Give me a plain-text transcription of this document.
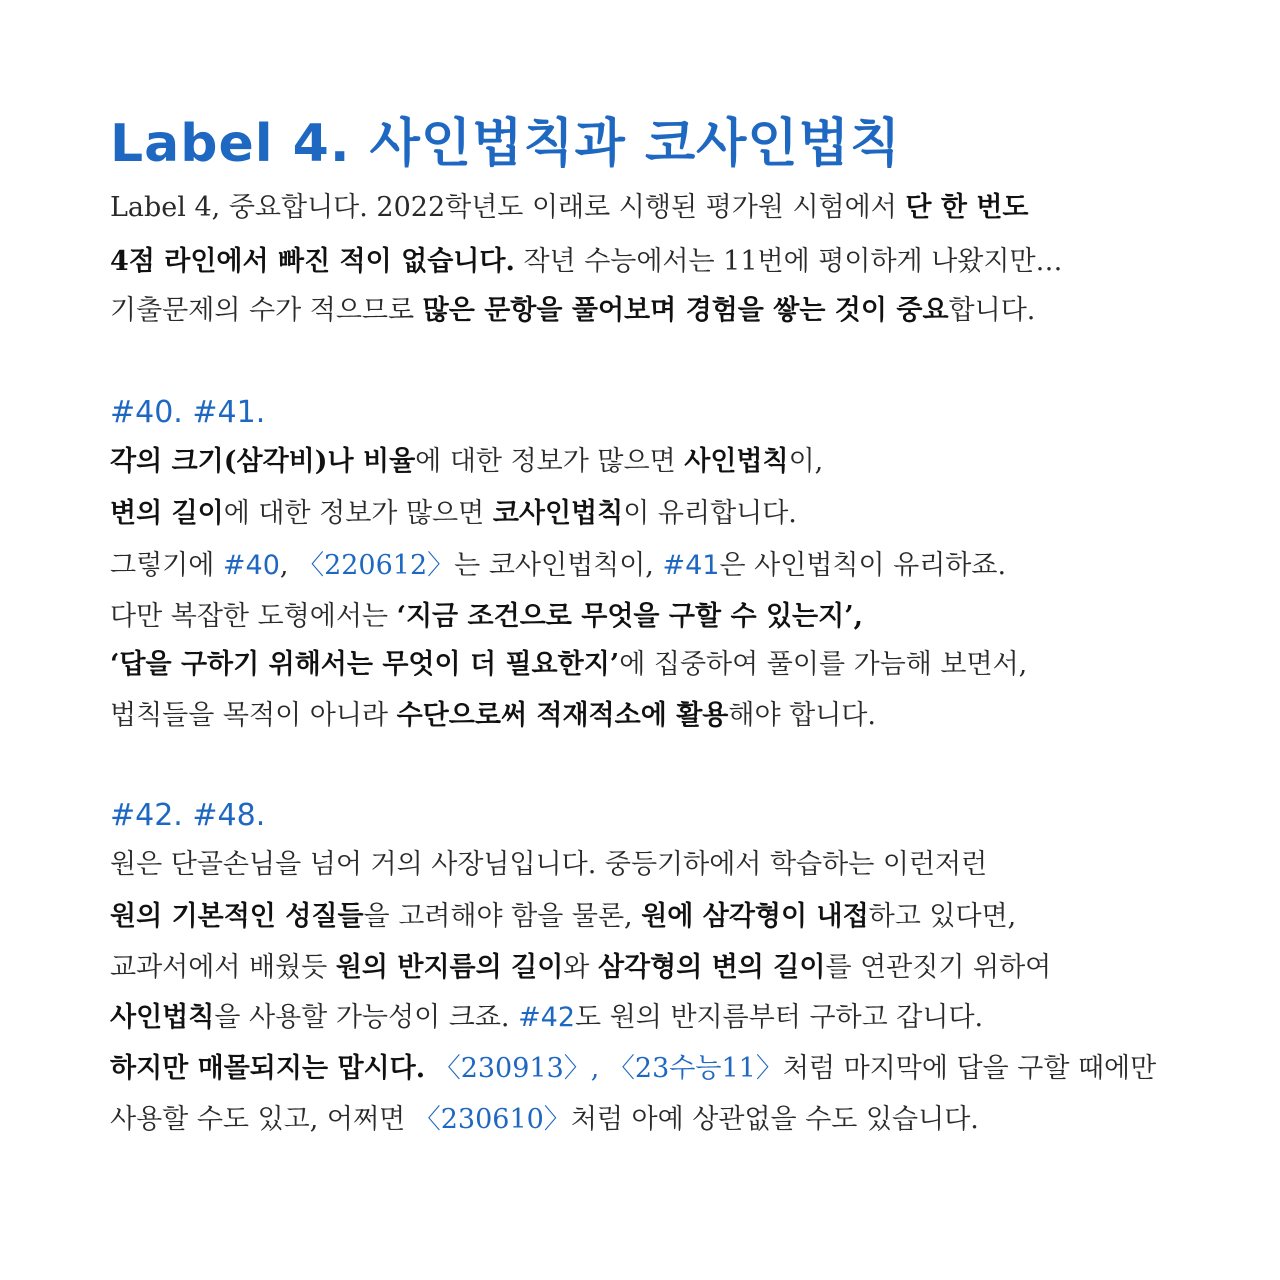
Label 4. 사인법칙과 코사인법칙
Label 4, 중요합니다. 2022학년도 이래로 시행된 평가원 시험에서 단 한 번도
4점 라인에서 빠진 적이 없습니다. 작년 수능에서는 11번에 평이하게 나왔지만…
기출문제의 수가 적으므로 많은 문항을 풀어보며 경험을 쌓는 것이 중요합니다.
#40. #41.
각의 크기(삼각비)나 비율에 대한 정보가 많으면 사인법칙이,
변의 길이에 대한 정보가 많으면 코사인법칙이 유리합니다.
그렇기에 #40, 〈220612〉는 코사인법칙이, #41은 사인법칙이 유리하죠.
다만 복잡한 도형에서는 ‘지금 조건으로 무엇을 구할 수 있는지’,
‘답을 구하기 위해서는 무엇이 더 필요한지’에 집중하여 풀이를 가늠해 보면서,
법칙들을 목적이 아니라 수단으로써 적재적소에 활용해야 합니다.
#42. #48.
원은 단골손님을 넘어 거의 사장님입니다. 중등기하에서 학습하는 이런저런
원의 기본적인 성질들을 고려해야 함을 물론, 원에 삼각형이 내접하고 있다면,
교과서에서 배웠듯 원의 반지름의 길이와 삼각형의 변의 길이를 연관짓기 위하여
사인법칙을 사용할 가능성이 크죠. #42도 원의 반지름부터 구하고 갑니다.
하지만 매몰되지는 맙시다. 〈230913〉, 〈23수능11〉처럼 마지막에 답을 구할 때에만
사용할 수도 있고, 어쩌면 〈230610〉처럼 아예 상관없을 수도 있습니다.
